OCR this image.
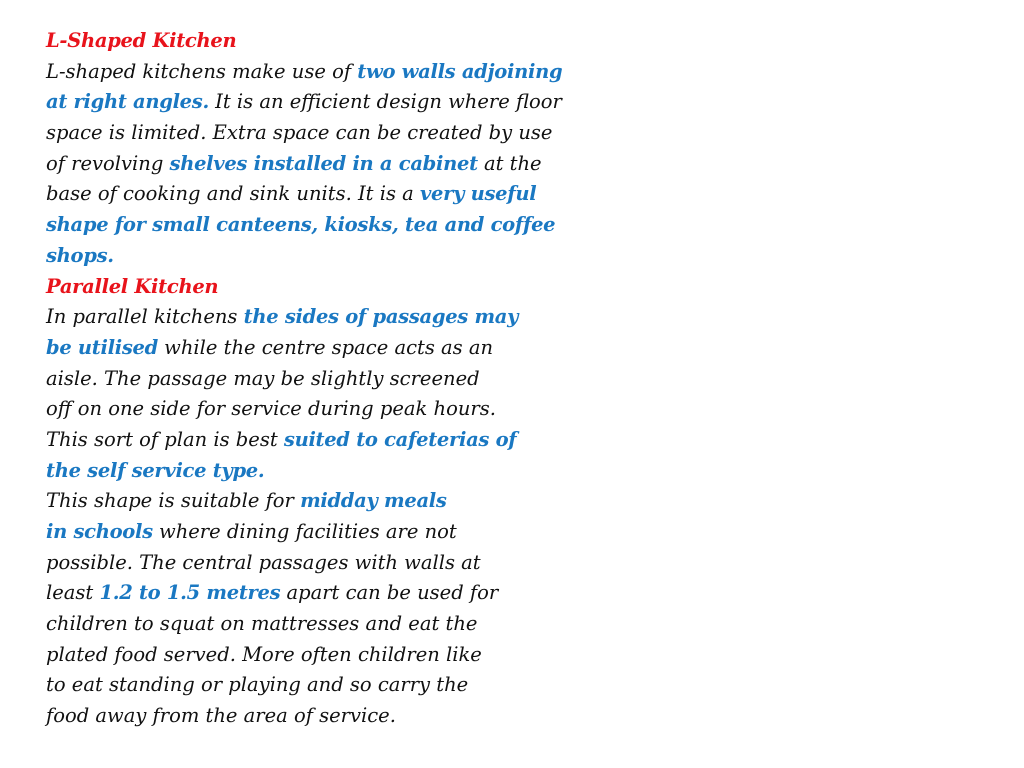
L-Shaped Kitchen
L-shaped kitchens make use of two walls adjoining
at right angles. It is an efficient design where floor
space is limited. Extra space can be created by use
of revolving shelves installed in a cabinet at the
base of cooking and sink units. It is a very useful
shape for small canteens, kiosks, tea and coffee
shops.
Parallel Kitchen
In parallel kitchens the sides of passages may
be utilised while the centre space acts as an
aisle. The passage may be slightly screened
off on one side for service during peak hours.
This sort of plan is best suited to cafeterias of
the self service type.
This shape is suitable for midday meals
in schools where dining facilities are not
possible. The central passages with walls at
least 1.2 to 1.5 metres apart can be used for
children to squat on mattresses and eat the
plated food served. More often children like
to eat standing or playing and so carry the
food away from the area of service.
